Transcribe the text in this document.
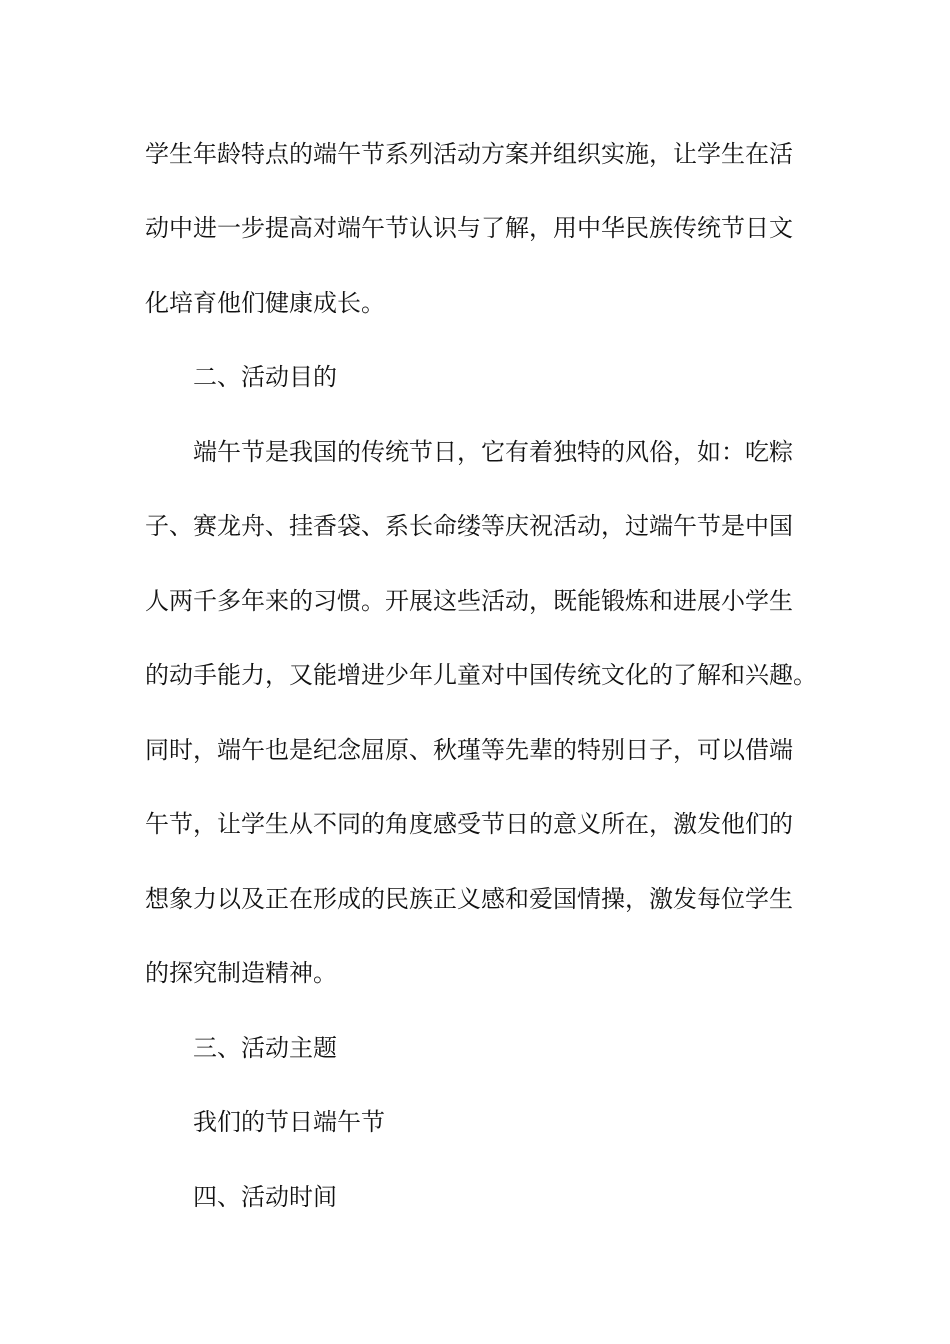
学生年龄特点的端午节系列活动方案并组织实施，让学生在活
动中进一步提高对端午节认识与了解，用中华民族传统节日文
化培育他们健康成长。
二、活动目的
端午节是我国的传统节日，它有着独特的风俗，如：吃粽
子、赛龙舟、挂香袋、系长命缕等庆祝活动，过端午节是中国
人两千多年来的习惯。开展这些活动，既能锻炼和进展小学生
的动手能力，又能增进少年儿童对中国传统文化的了解和兴趣。
同时，端午也是纪念屈原、秋瑾等先辈的特别日子，可以借端
午节，让学生从不同的角度感受节日的意义所在，激发他们的
想象力以及正在形成的民族正义感和爱国情操，激发每位学生
的探究制造精神。
三、活动主题
我们的节日端午节
四、活动时间
